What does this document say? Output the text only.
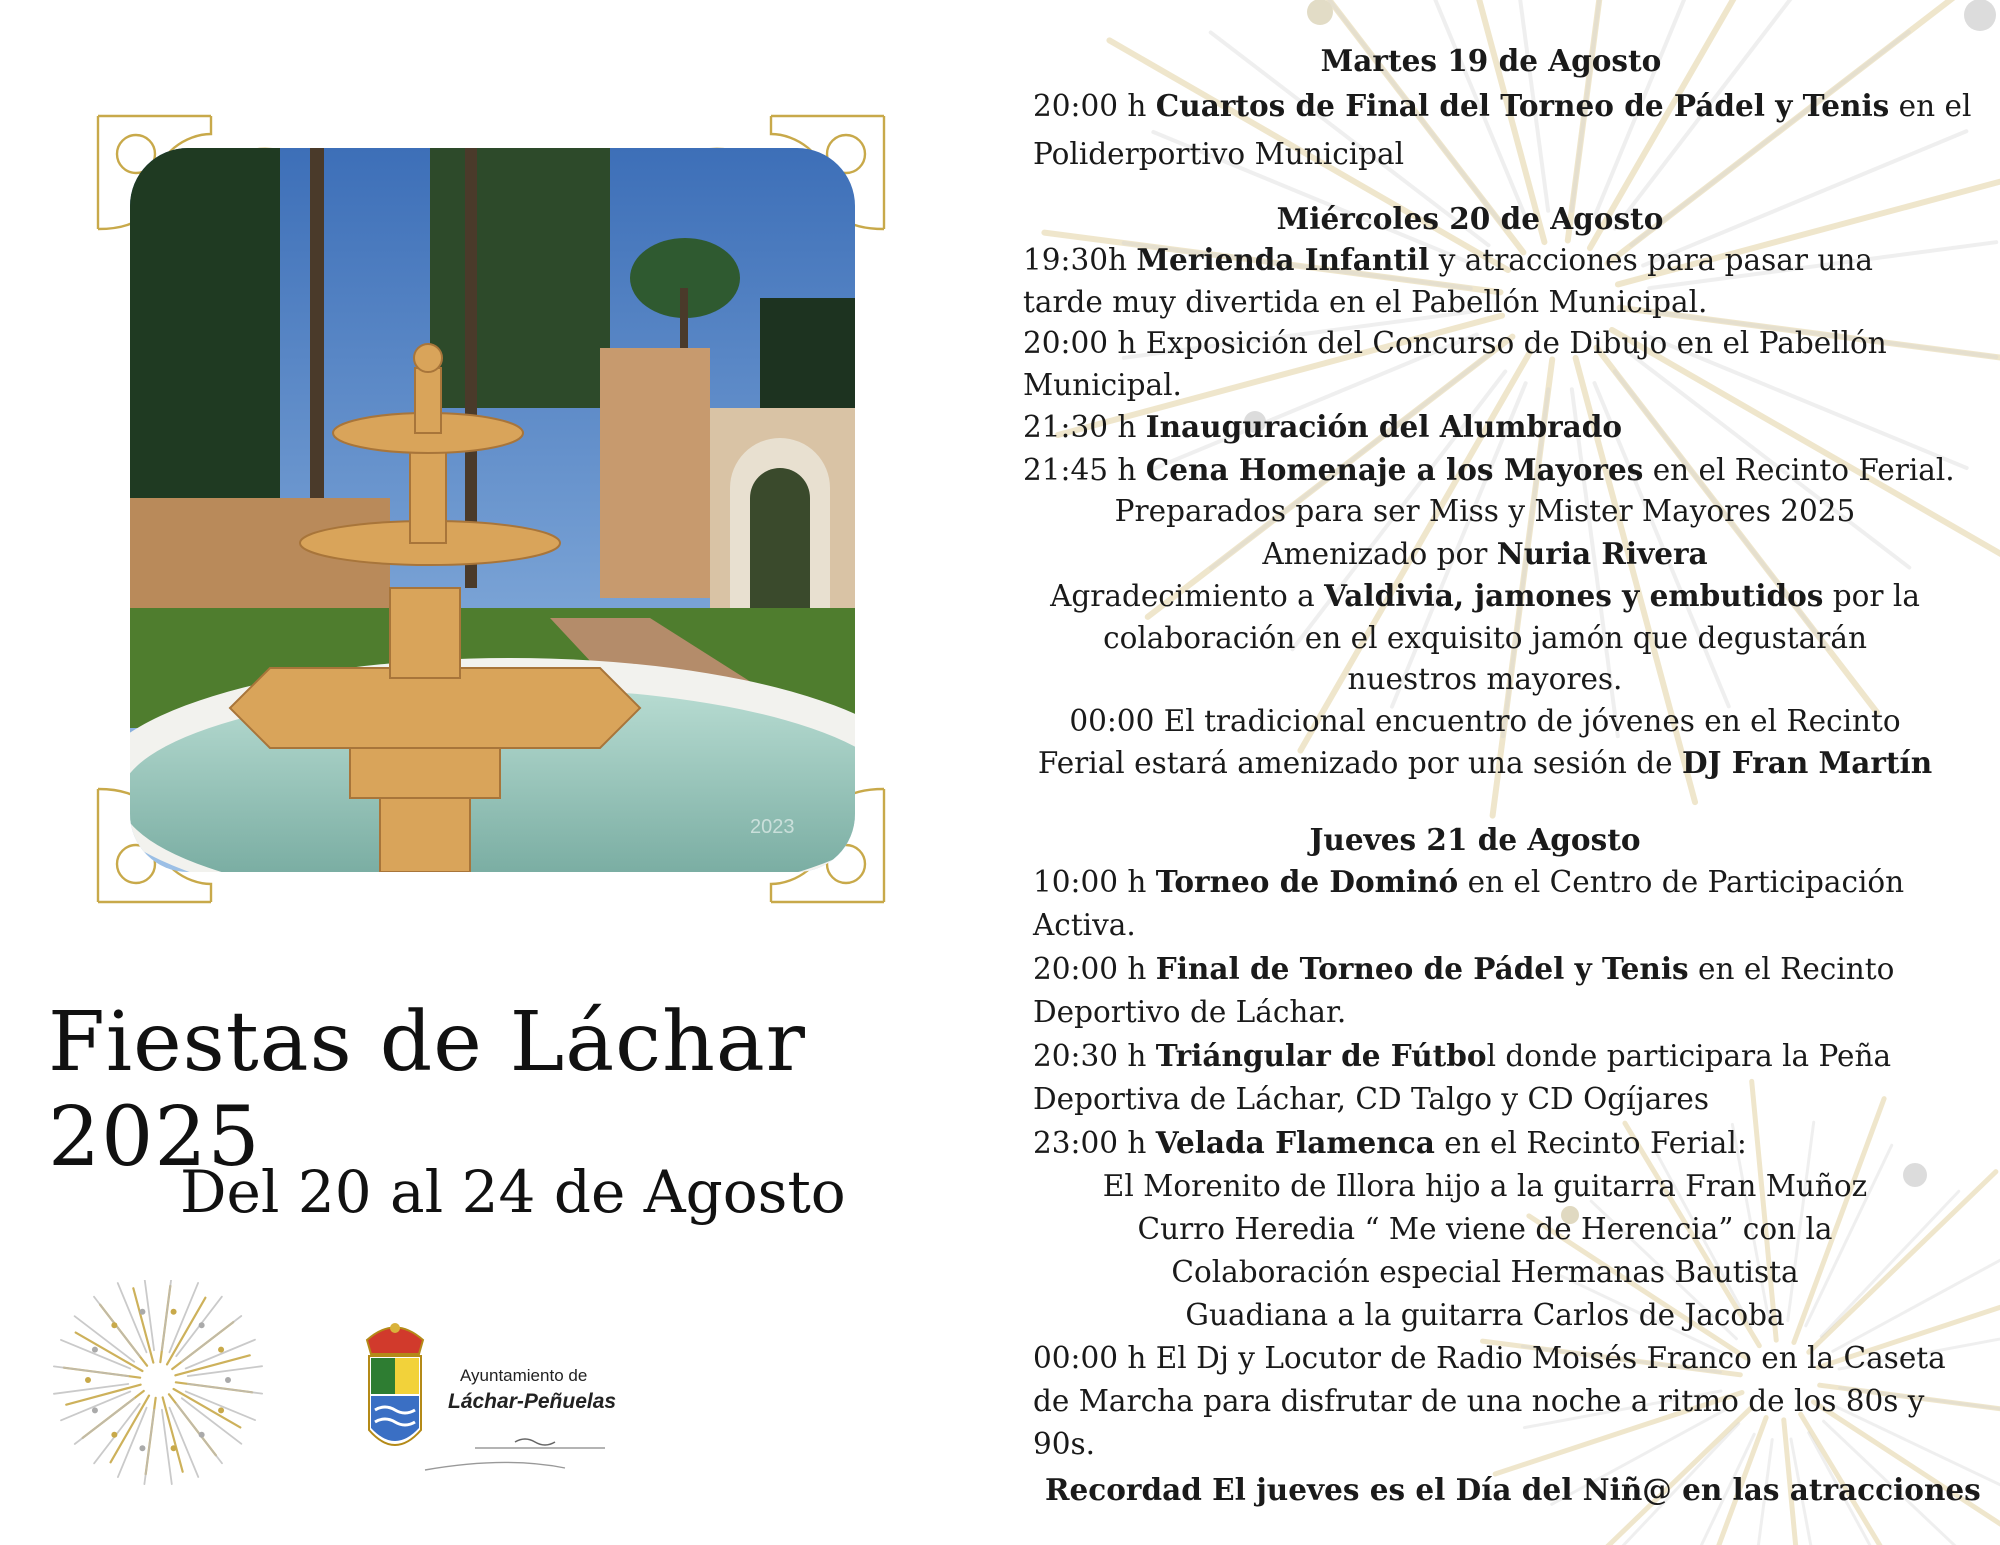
2023
Fiestas de Láchar 2025
Del 20 al 24 de Agosto
Ayuntamiento de
Láchar-Peñuelas
Martes 19 de Agosto
20:00 h Cuartos de Final del Torneo de Pádel y Tenis en el
Poliderportivo Municipal
Miércoles 20 de Agosto
19:30h Merienda Infantil y atracciones para pasar una
tarde muy divertida en el Pabellón Municipal.
20:00 h Exposición del Concurso de Dibujo en el Pabellón
Municipal.
21:30 h Inauguración del Alumbrado
21:45 h Cena Homenaje a los Mayores en el Recinto Ferial.
Preparados para ser Miss y Mister Mayores 2025
Amenizado por Nuria Rivera
Agradecimiento a Valdivia, jamones y embutidos por la
colaboración en el exquisito jamón que degustarán
nuestros mayores.
00:00 El tradicional encuentro de jóvenes en el Recinto
Ferial estará amenizado por una sesión de DJ Fran Martín
Jueves 21 de Agosto
10:00 h Torneo de Dominó en el Centro de Participación
Activa.
20:00 h Final de Torneo de Pádel y Tenis en el Recinto
Deportivo de Láchar.
20:30 h Triángular de Fútbol donde participara la Peña
Deportiva de Láchar, CD Talgo y CD Ogíjares
23:00 h Velada Flamenca en el Recinto Ferial:
El Morenito de Illora hijo a la guitarra Fran Muñoz
Curro Heredia “ Me viene de Herencia” con la
Colaboración especial Hermanas Bautista
Guadiana a la guitarra Carlos de Jacoba
00:00 h El Dj y Locutor de Radio Moisés Franco en la Caseta
de Marcha para disfrutar de una noche a ritmo de los 80s y
90s.
Recordad El jueves es el Día del Niñ@ en las atracciones
